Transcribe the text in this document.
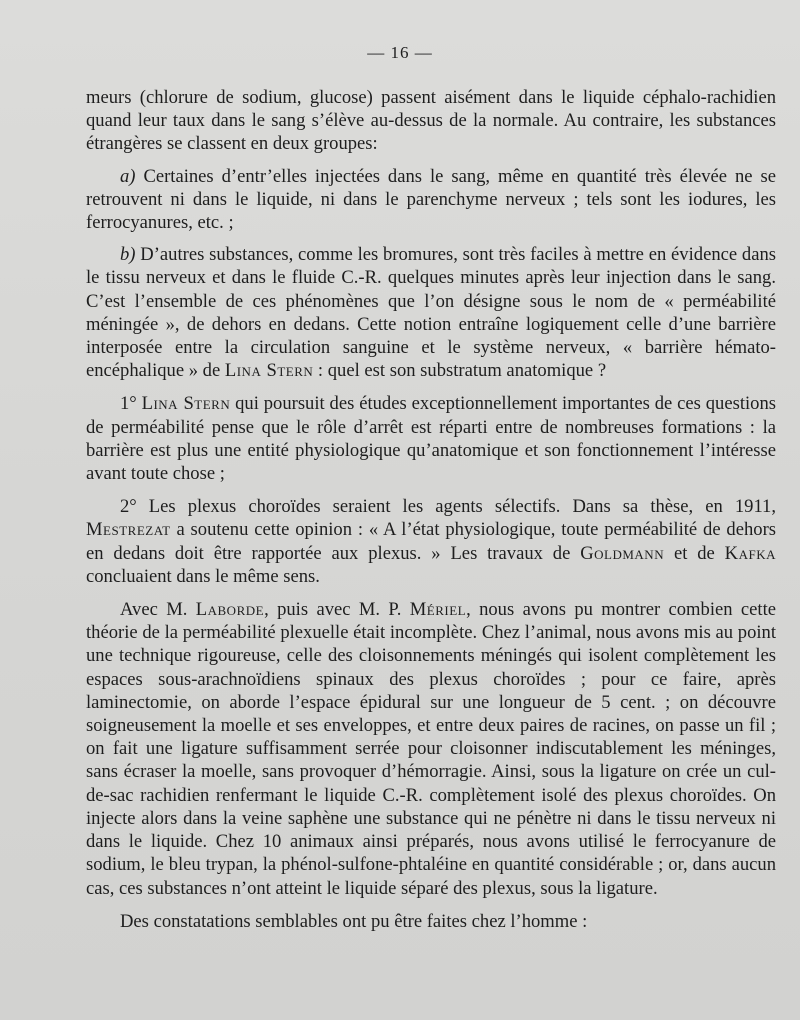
— 16 —

meurs (chlorure de sodium, glucose) passent aisément dans le liquide céphalo-rachidien quand leur taux dans le sang s’élève au-dessus de la normale. Au contraire, les substances étrangères se classent en deux groupes:

a) Certaines d’entr’elles injectées dans le sang, même en quantité très élevée ne se retrouvent ni dans le liquide, ni dans le parenchyme nerveux ; tels sont les iodures, les ferrocyanures, etc. ;

b) D’autres substances, comme les bromures, sont très faciles à mettre en évidence dans le tissu nerveux et dans le fluide C.-R. quelques minutes après leur injection dans le sang. C’est l’ensemble de ces phénomènes que l’on désigne sous le nom de « perméabilité méningée », de dehors en dedans. Cette notion entraîne logiquement celle d’une barrière interposée entre la circulation sanguine et le système nerveux, « barrière hémato-encéphalique » de Lina Stern : quel est son substratum anatomique ?

1° Lina Stern qui poursuit des études exceptionnellement importantes de ces questions de perméabilité pense que le rôle d’arrêt est réparti entre de nombreuses formations : la barrière est plus une entité physiologique qu’anatomique et son fonctionnement l’intéresse avant toute chose ;

2° Les plexus choroïdes seraient les agents sélectifs. Dans sa thèse, en 1911, Mestrezat a soutenu cette opinion : « A l’état physiologique, toute perméabilité de dehors en dedans doit être rapportée aux plexus. » Les travaux de Goldmann et de Kafka concluaient dans le même sens.

Avec M. Laborde, puis avec M. P. Mériel, nous avons pu montrer combien cette théorie de la perméabilité plexuelle était incomplète. Chez l’animal, nous avons mis au point une technique rigoureuse, celle des cloisonnements méningés qui isolent complètement les espaces sous-arachnoïdiens spinaux des plexus choroïdes ; pour ce faire, après laminectomie, on aborde l’espace épidural sur une longueur de 5 cent. ; on découvre soigneusement la moelle et ses enveloppes, et entre deux paires de racines, on passe un fil ; on fait une ligature suffisamment serrée pour cloisonner indiscutablement les méninges, sans écraser la moelle, sans provoquer d’hémorragie. Ainsi, sous la ligature on crée un cul-de-sac rachidien renfermant le liquide C.-R. complètement isolé des plexus choroïdes. On injecte alors dans la veine saphène une substance qui ne pénètre ni dans le tissu nerveux ni dans le liquide. Chez 10 animaux ainsi préparés, nous avons utilisé le ferrocyanure de sodium, le bleu trypan, la phénol-sulfone-phtaléine en quantité considérable ; or, dans aucun cas, ces substances n’ont atteint le liquide séparé des plexus, sous la ligature.

Des constatations semblables ont pu être faites chez l’homme :
